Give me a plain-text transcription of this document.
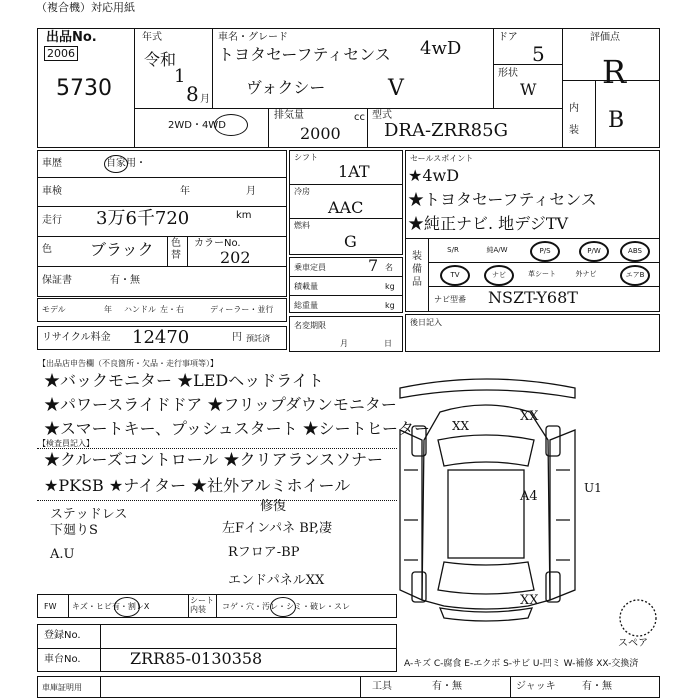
（複合機）対応用紙
出品No.
2006
5730
年式
令和
1
8 月
車名・グレード
トヨタセーフティセンス 4wD
ヴォクシー	V
ドア
5
形状
W
評価点
R
内装 B
2WD・4WD
排気量	cc
2000
型式
DRA-ZRR85G
車歴	自家用・
車検	年	月
走行 3万6千720	km
色 ブラック 色替
カラーNo.
202
保証書	有・無
モデル	年 ハンドル 左・右	ディーラー・並行
リサイクル料金 12470	円 預託済
シフト
1AT
冷房
AAC
燃料
G
乗車定員	7 名
積載量	kg
総重量	kg
名変期限
月	日
セールスポイント
★4wD
★トヨタセーフティセンス
★純正ナビ. 地デジTV
装備品
S/R	純A/W	P/S	P/W	ABS
TV	ナビ	革シート	外ナビ	エアB
ナビ型番 NSZT-Y68T
後日記入
【出品店申告欄（不良箇所・欠品・走行事項等）】
★バックモニター ★LEDヘッドライト
★パワースライドドア ★フリップダウンモニター
★スマートキー、プッシュスタート ★シートヒーター
【検査員記入】
★クルーズコントロール ★クリアランスソナー
★PKSB ★ナイター ★社外アルミホイール
ステッドレス
下廻りS
A.U
修復
左Fインパネ BP,凄
Rフロア-BP
エンドパネルXX
XX
XX
A4
U1
XX
スペア
FW キズ・ヒビ有・割レX
シート内装	コゲ・穴・汚レ・シミ・破レ・スレ
登録No.
車台No.	ZRR85-0130358	A-キズ C-腐食 E-エクボ S-サビ U-凹ミ W-補修 XX-交換済
車庫証明用	工具	有・無	ジャッキ	有・無
